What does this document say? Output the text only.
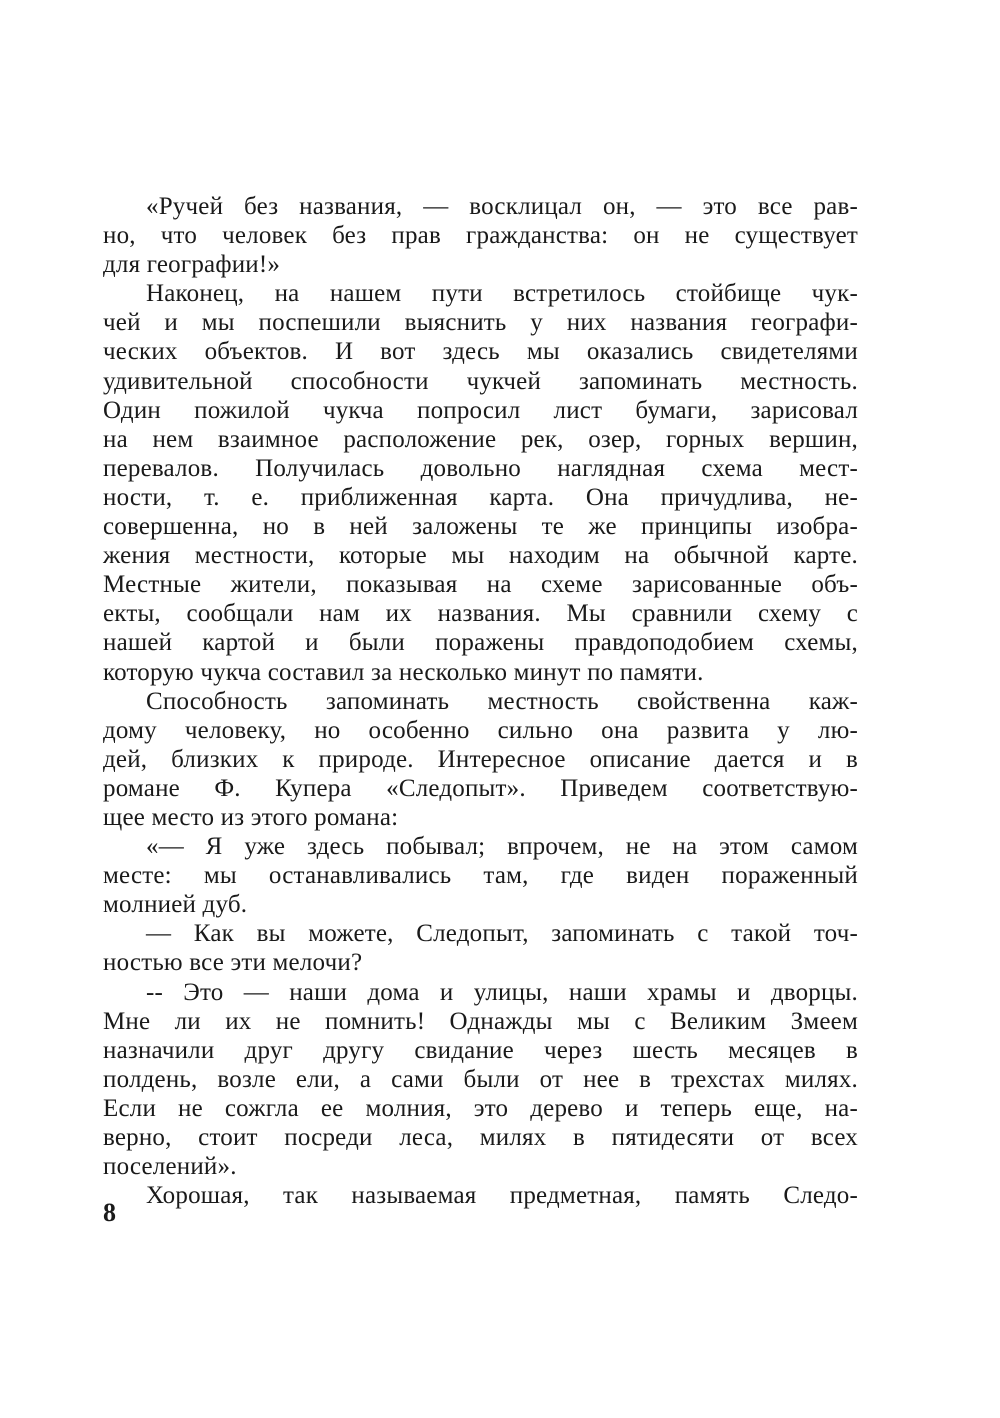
«Ручей без названия, — восклицал он, — это все рав-
но, что человек без прав гражданства: он не существует
для географии!»
Наконец, на нашем пути встретилось стойбище чук-
чей и мы поспешили выяснить у них названия географи-
ческих объектов. И вот здесь мы оказались свидетелями
удивительной способности чукчей запоминать местность.
Один пожилой чукча попросил лист бумаги, зарисовал
на нем взаимное расположение рек, озер, горных вершин,
перевалов. Получилась довольно наглядная схема мест-
ности, т. е. приближенная карта. Она причудлива, не-
совершенна, но в ней заложены те же принципы изобра-
жения местности, которые мы находим на обычной карте.
Местные жители, показывая на схеме зарисованные объ-
екты, сообщали нам их названия. Мы сравнили схему с
нашей картой и были поражены правдоподобием схемы,
которую чукча составил за несколько минут по памяти.
Способность запоминать местность свойственна каж-
дому человеку, но особенно сильно она развита у лю-
дей, близких к природе. Интересное описание дается и в
романе Ф. Купера «Следопыт». Приведем соответствую-
щее место из этого романа:
«— Я уже здесь побывал; впрочем, не на этом самом
месте: мы останавливались там, где виден пораженный
молнией дуб.
— Как вы можете, Следопыт, запоминать с такой точ-
ностью все эти мелочи?
-- Это — наши дома и улицы, наши храмы и дворцы.
Мне ли их не помнить! Однажды мы с Великим Змеем
назначили друг другу свидание через шесть месяцев в
полдень, возле ели, а сами были от нее в трехстах милях.
Если не сожгла ее молния, это дерево и теперь еще, на-
верно, стоит посреди леса, милях в пятидесяти от всех
поселений».
Хорошая, так называемая предметная, память Следо-
8
